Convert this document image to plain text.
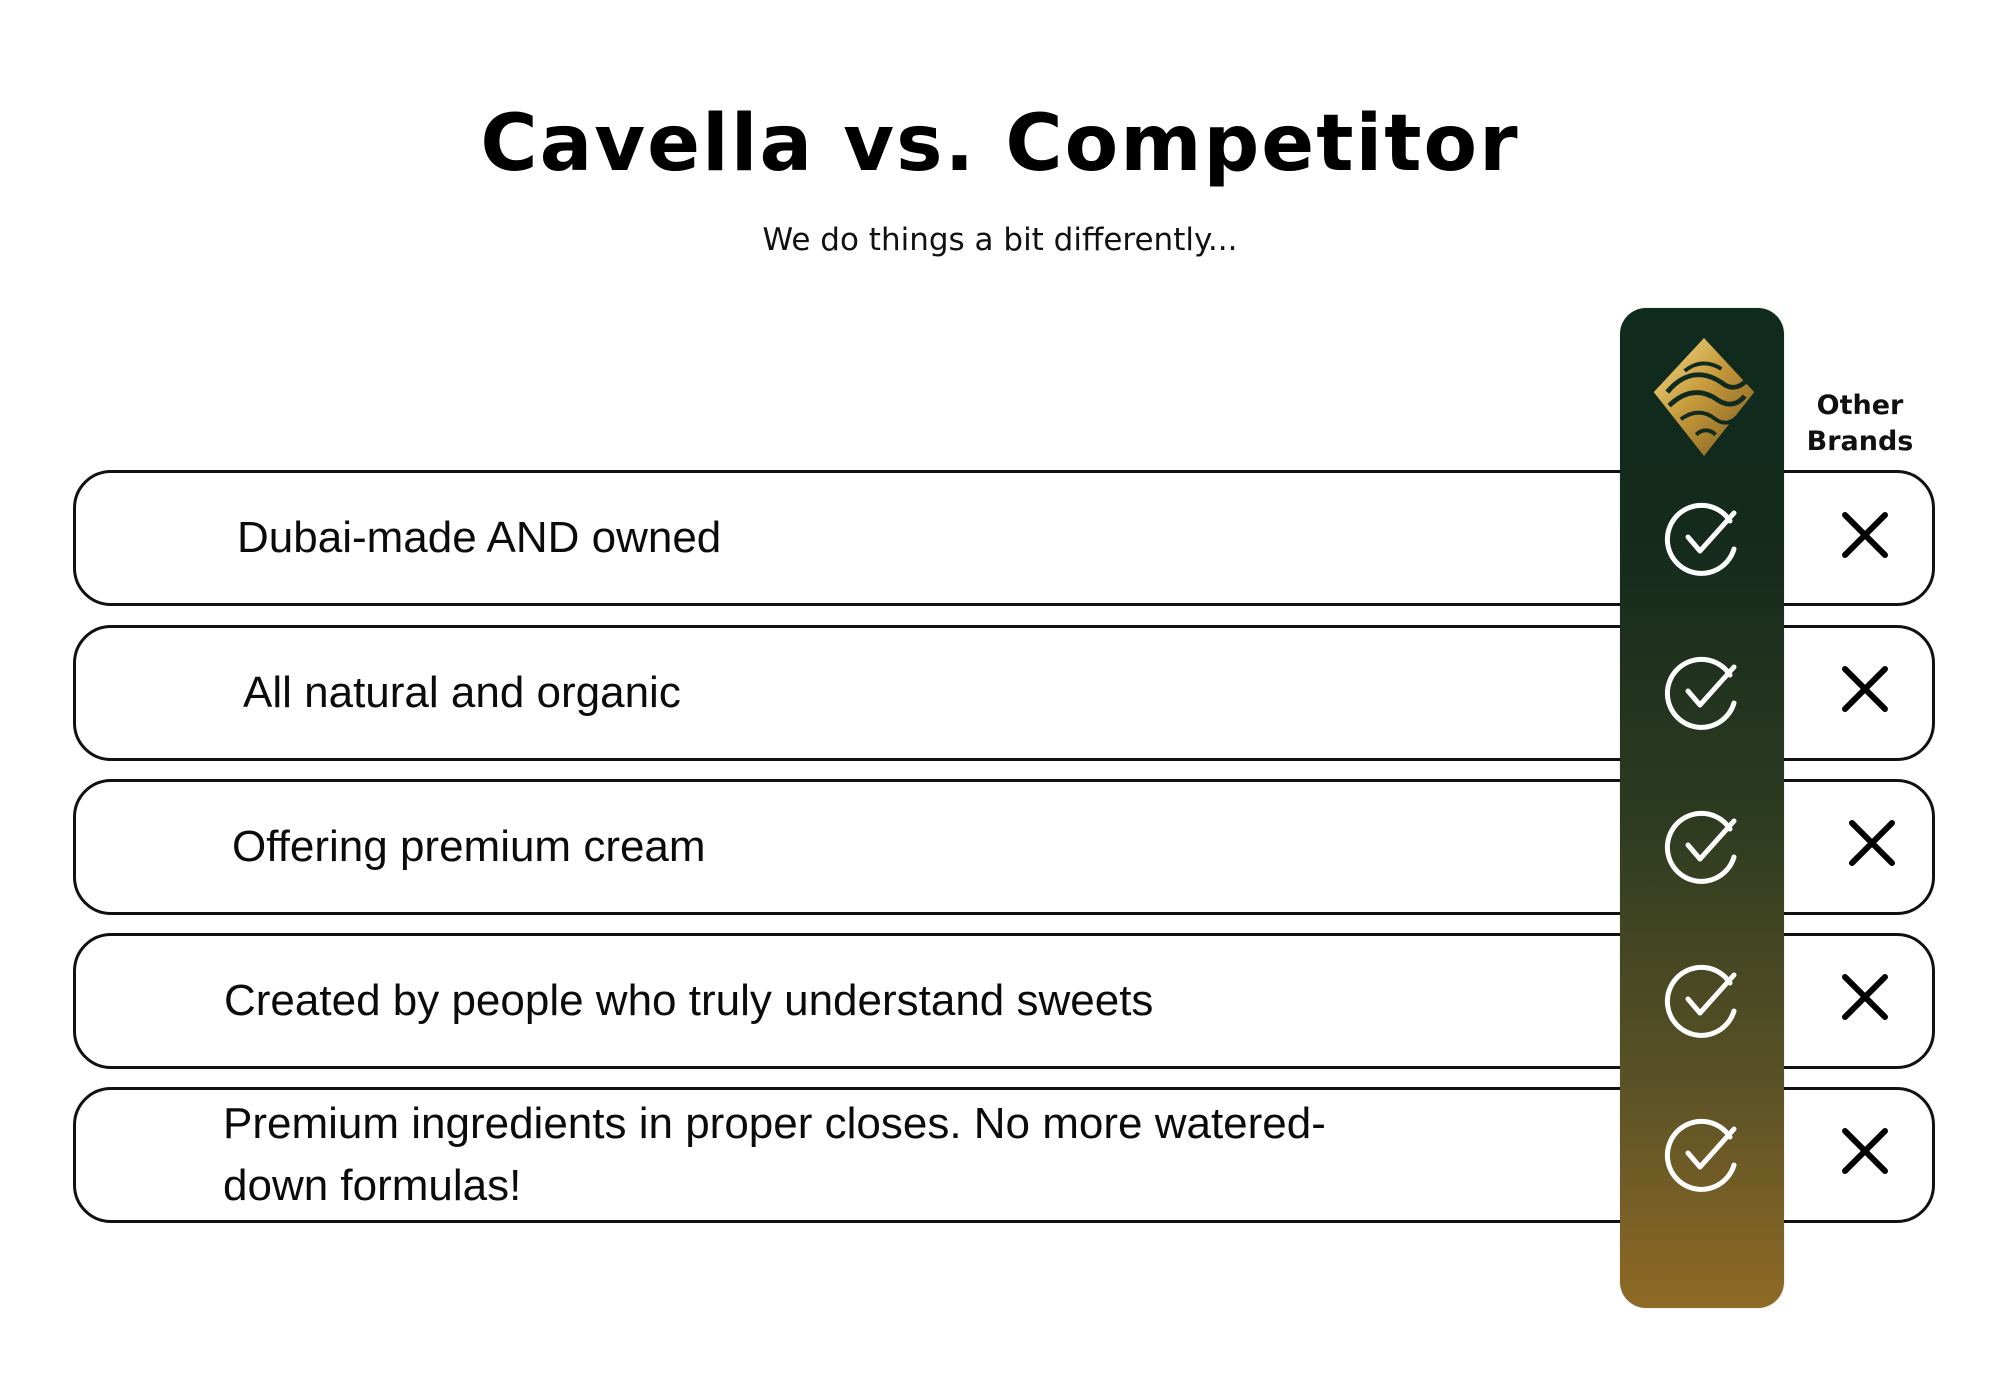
Cavella vs. Competitor
We do things a bit differently...
Other Brands
Dubai-made AND owned
All natural and organic
Offering premium cream
Created by people who truly understand sweets
Premium ingredients in proper closes. No more watered-down formulas!
